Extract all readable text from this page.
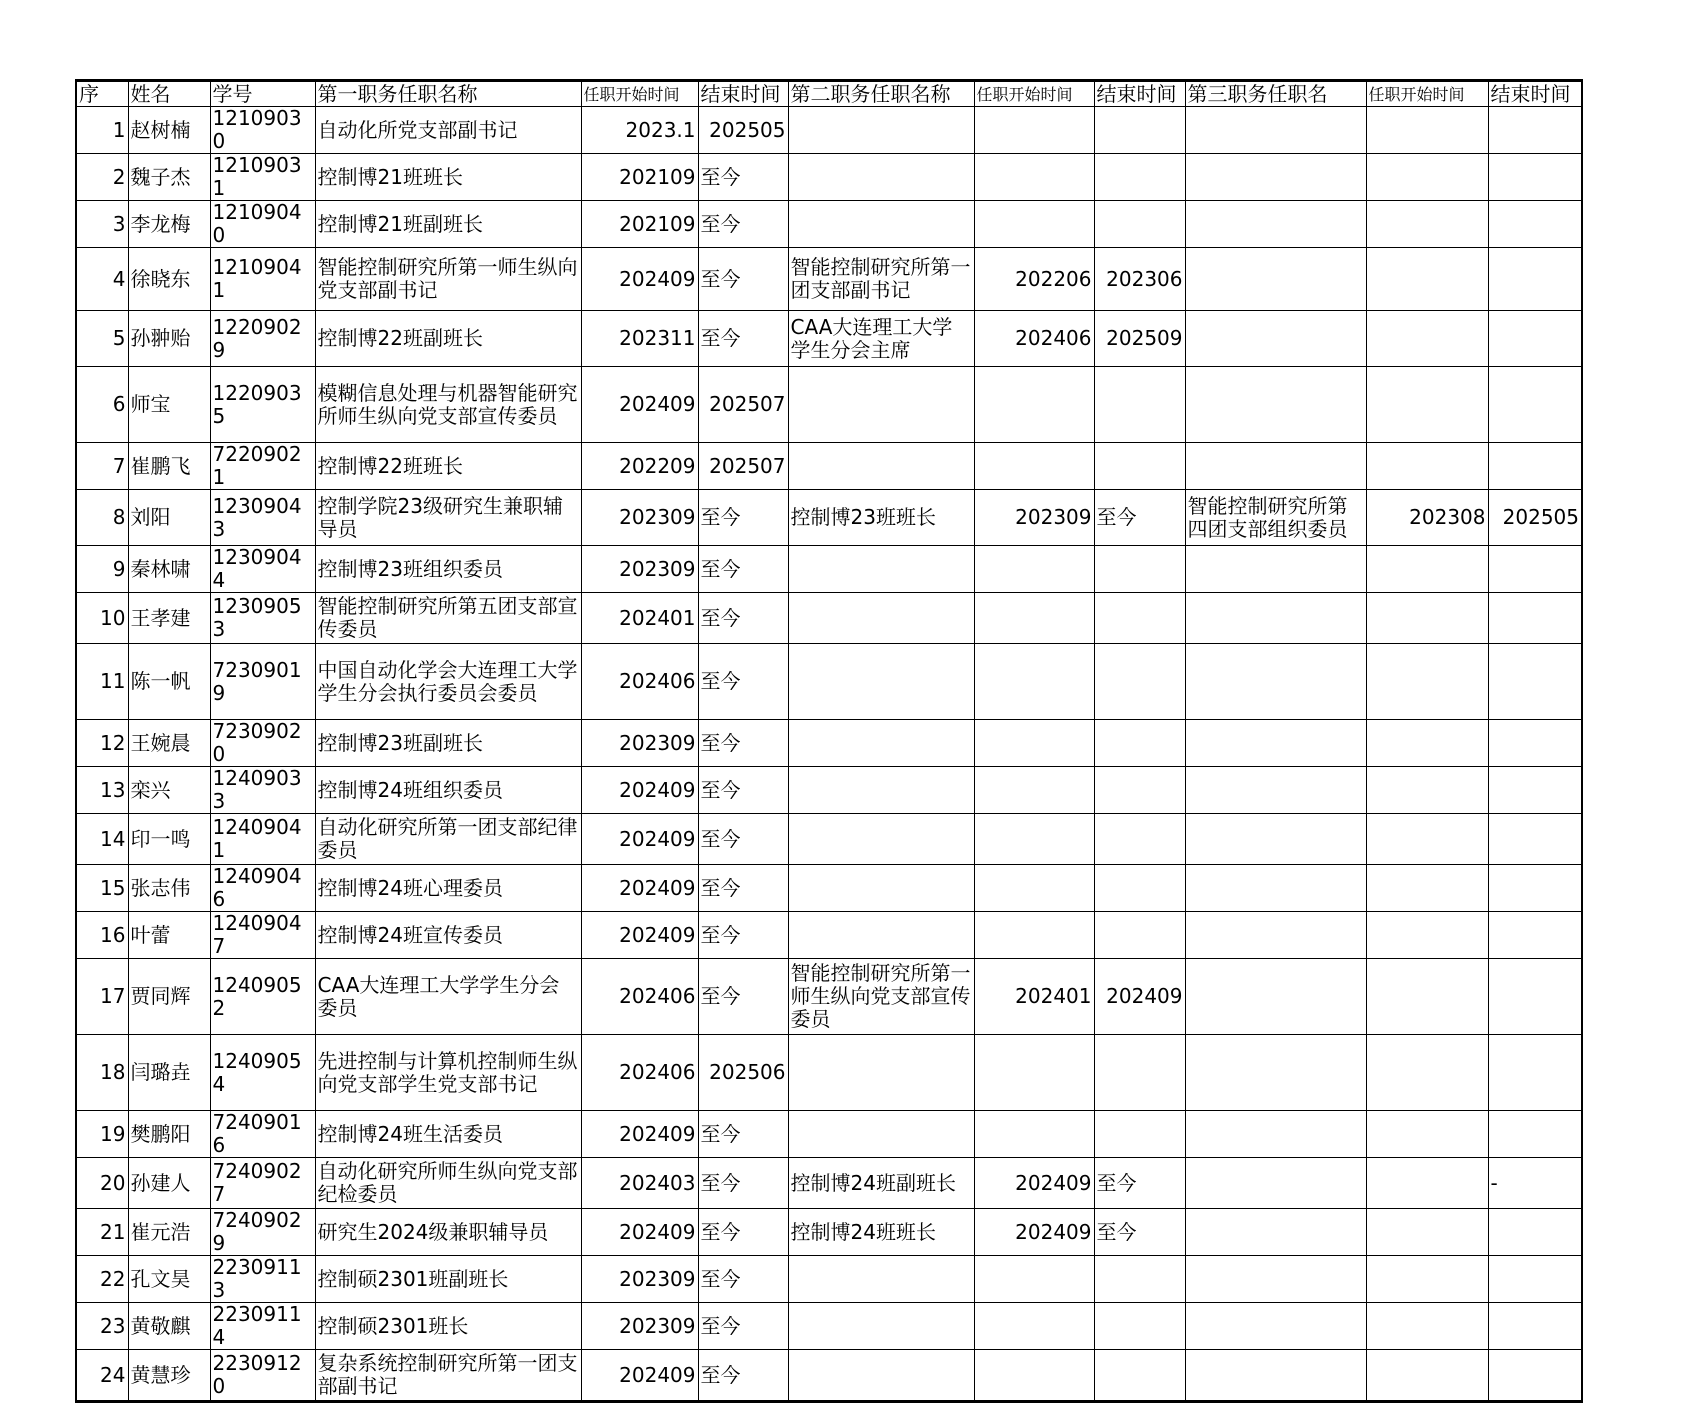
序	姓名	学号	第一职务任职名称	任职开始时间	结束时间	第二职务任职名称	任职开始时间	结束时间	第三职务任职名	任职开始时间	结束时间
1	赵树楠	12109030	自动化所党支部副书记	2023.1	202505						
2	魏子杰	12109031	控制博21班班长	202109	至今						
3	李龙梅	12109040	控制博21班副班长	202109	至今						
4	徐晓东	12109041	智能控制研究所第一师生纵向党支部副书记	202409	至今	智能控制研究所第一团支部副书记	202206	202306			
5	孙翀贻	12209029	控制博22班副班长	202311	至今	CAA大连理工大学学生分会主席	202406	202509			
6	师宝	12209035	模糊信息处理与机器智能研究所师生纵向党支部宣传委员	202409	202507						
7	崔鹏飞	72209021	控制博22班班长	202209	202507						
8	刘阳	12309043	控制学院23级研究生兼职辅导员	202309	至今	控制博23班班长	202309	至今	智能控制研究所第四团支部组织委员	202308	202505
9	秦林啸	12309044	控制博23班组织委员	202309	至今						
10	王孝建	12309053	智能控制研究所第五团支部宣传委员	202401	至今						
11	陈一帆	72309019	中国自动化学会大连理工大学学生分会执行委员会委员	202406	至今						
12	王婉晨	72309020	控制博23班副班长	202309	至今						
13	栾兴	12409033	控制博24班组织委员	202409	至今						
14	印一鸣	12409041	自动化研究所第一团支部纪律委员	202409	至今						
15	张志伟	12409046	控制博24班心理委员	202409	至今						
16	叶蕾	12409047	控制博24班宣传委员	202409	至今						
17	贾同辉	12409052	CAA大连理工大学学生分会委员	202406	至今	智能控制研究所第一师生纵向党支部宣传委员	202401	202409			
18	闫璐垚	12409054	先进控制与计算机控制师生纵向党支部学生党支部书记	202406	202506						
19	樊鹏阳	72409016	控制博24班生活委员	202409	至今						
20	孙建人	72409027	自动化研究所师生纵向党支部纪检委员	202403	至今	控制博24班副班长	202409	至今			-
21	崔元浩	72409029	研究生2024级兼职辅导员	202409	至今	控制博24班班长	202409	至今			
22	孔文昊	22309113	控制硕2301班副班长	202309	至今						
23	黄敬麒	22309114	控制硕2301班长	202309	至今						
24	黄慧珍	22309120	复杂系统控制研究所第一团支部副书记	202409	至今						
